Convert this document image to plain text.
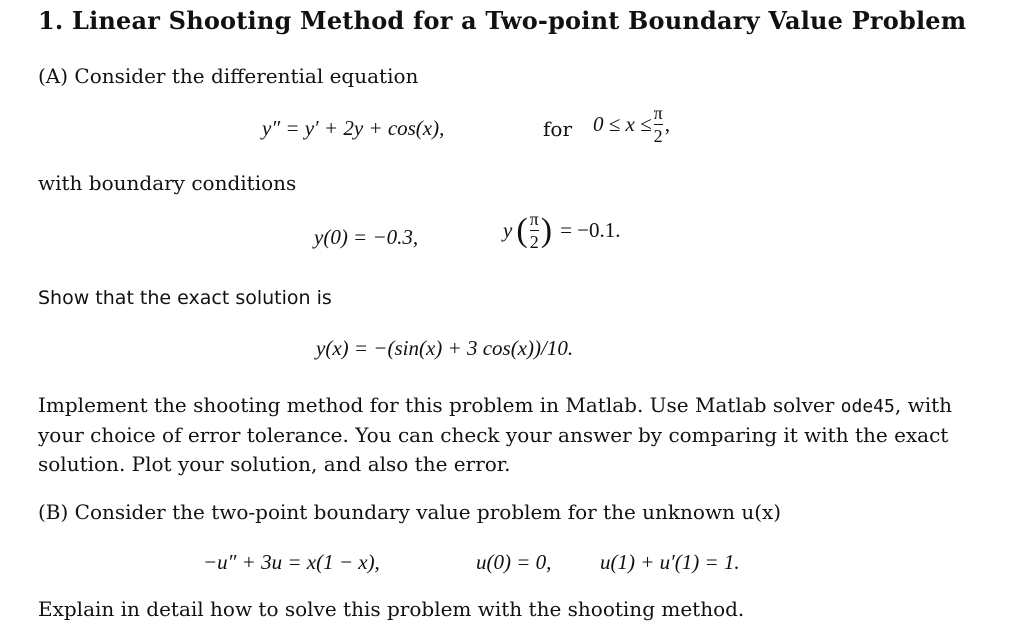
1. Linear Shooting Method for a Two-point Boundary Value Problem
(A) Consider the differential equation
y″ = y′ + 2y + cos(x),	for $0 \le x \le \frac{\pi}{2}$ ,
with boundary conditions
y(0) = −0.3,	y ( $\frac{\pi}{2}$ ) = −0.1.
Show that the exact solution is
y(x) = −(sin(x) + 3 cos(x))/10.
Implement the shooting method for this problem in Matlab. Use Matlab solver ode45, with your choice of error tolerance. You can check your answer by comparing it with the exact solution. Plot your solution, and also the error.
(B) Consider the two-point boundary value problem for the unknown u(x)
−u″ + 3u = x(1 − x),	u(0) = 0, u(1) + u′(1) = 1.
Explain in detail how to solve this problem with the shooting method.
